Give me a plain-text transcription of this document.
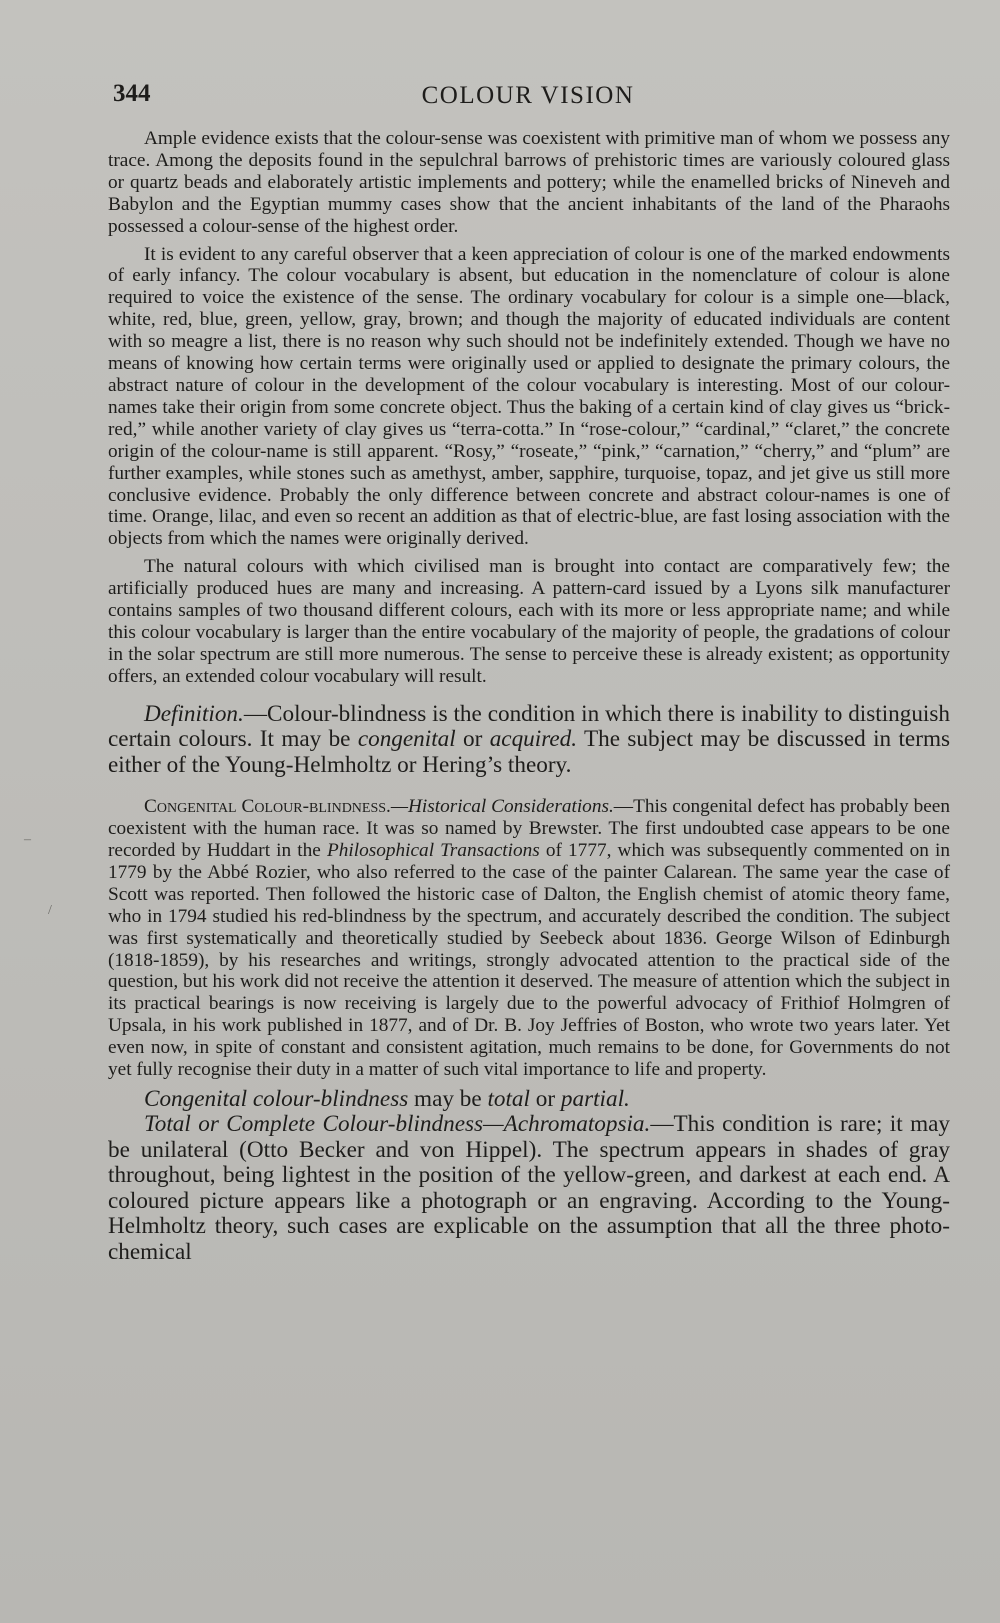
344	COLOUR VISION
–
/

Ample evidence exists that the colour-sense was coexistent with primitive man of whom we possess any trace. Among the deposits found in the sepulchral barrows of prehistoric times are variously coloured glass or quartz beads and elaborately artistic implements and pottery; while the enamelled bricks of Nineveh and Babylon and the Egyptian mummy cases show that the ancient inhabitants of the land of the Pharaohs possessed a colour-sense of the highest order.

It is evident to any careful observer that a keen appreciation of colour is one of the marked endowments of early infancy. The colour vocabulary is absent, but education in the nomenclature of colour is alone required to voice the existence of the sense. The ordinary vocabulary for colour is a simple one—black, white, red, blue, green, yellow, gray, brown; and though the majority of educated individuals are content with so meagre a list, there is no reason why such should not be indefinitely extended. Though we have no means of knowing how certain terms were originally used or applied to designate the primary colours, the abstract nature of colour in the development of the colour vocabulary is interesting. Most of our colour-names take their origin from some concrete object. Thus the baking of a certain kind of clay gives us “brick-red,” while another variety of clay gives us “terra-cotta.” In “rose-colour,” “cardinal,” “claret,” the concrete origin of the colour-name is still apparent. “Rosy,” “roseate,” “pink,” “carnation,” “cherry,” and “plum” are further examples, while stones such as amethyst, amber, sapphire, turquoise, topaz, and jet give us still more conclusive evidence. Probably the only difference between concrete and abstract colour-names is one of time. Orange, lilac, and even so recent an addition as that of electric-blue, are fast losing association with the objects from which the names were originally derived.

The natural colours with which civilised man is brought into contact are comparatively few; the artificially produced hues are many and increasing. A pattern-card issued by a Lyons silk manufacturer contains samples of two thousand different colours, each with its more or less appropriate name; and while this colour vocabulary is larger than the entire vocabulary of the majority of people, the gradations of colour in the solar spectrum are still more numerous. The sense to perceive these is already existent; as opportunity offers, an extended colour vocabulary will result.

Definition.—Colour-blindness is the condition in which there is inability to distinguish certain colours. It may be congenital or acquired. The subject may be discussed in terms either of the Young-Helmholtz or Hering’s theory.

Congenital Colour-blindness.—Historical Considerations.—This congenital defect has probably been coexistent with the human race. It was so named by Brewster. The first undoubted case appears to be one recorded by Huddart in the Philosophical Transactions of 1777, which was subsequently commented on in 1779 by the Abbé Rozier, who also referred to the case of the painter Calarean. The same year the case of Scott was reported. Then followed the historic case of Dalton, the English chemist of atomic theory fame, who in 1794 studied his red-blindness by the spectrum, and accurately described the condition. The subject was first systematically and theoretically studied by Seebeck about 1836. George Wilson of Edinburgh (1818-1859), by his researches and writings, strongly advocated attention to the practical side of the question, but his work did not receive the attention it deserved. The measure of attention which the subject in its practical bearings is now receiving is largely due to the powerful advocacy of Frithiof Holmgren of Upsala, in his work published in 1877, and of Dr. B. Joy Jeffries of Boston, who wrote two years later. Yet even now, in spite of constant and consistent agitation, much remains to be done, for Governments do not yet fully recognise their duty in a matter of such vital importance to life and property.

Congenital colour-blindness may be total or partial.

Total or Complete Colour-blindness—Achromatopsia.—This condition is rare; it may be unilateral (Otto Becker and von Hippel). The spectrum appears in shades of gray throughout, being lightest in the position of the yellow-green, and darkest at each end. A coloured picture appears like a photograph or an engraving. According to the Young-Helmholtz theory, such cases are explicable on the assumption that all the three photo-chemical
